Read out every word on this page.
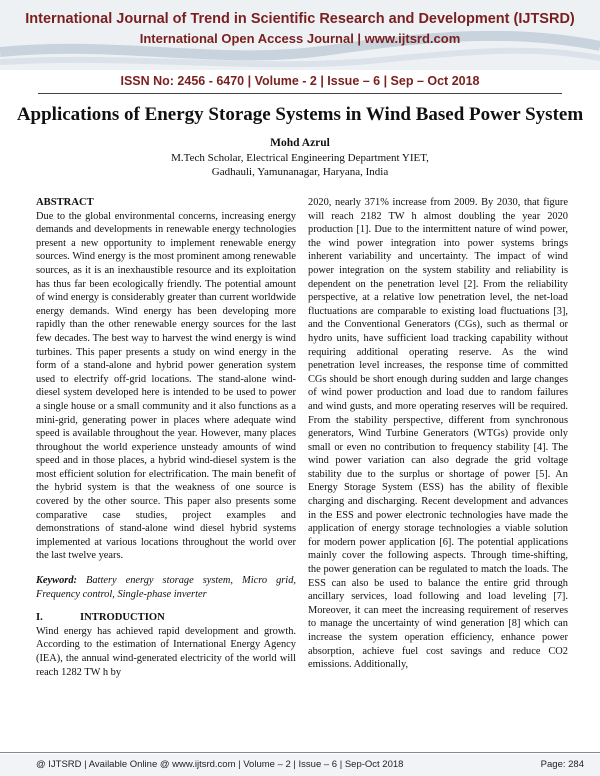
International Journal of Trend in Scientific Research and Development (IJTSRD)
International Open Access Journal | www.ijtsrd.com
ISSN No: 2456 - 6470 | Volume - 2 | Issue – 6 | Sep – Oct 2018
Applications of Energy Storage Systems in Wind Based Power System
Mohd Azrul
M.Tech Scholar, Electrical Engineering Department YIET,
Gadhauli, Yamunanagar, Haryana, India

ABSTRACT

Due to the global environmental concerns, increasing energy demands and developments in renewable energy technologies present a new opportunity to implement renewable energy sources. Wind energy is the most prominent among renewable sources, as it is an inexhaustible resource and its exploitation has thus far been ecologically friendly. The potential amount of wind energy is considerably greater than current worldwide energy demands. Wind energy has been developing more rapidly than the other renewable energy sources for the last few decades. The best way to harvest the wind energy is wind turbines. This paper presents a study on wind energy in the form of a stand-alone and hybrid power generation system used to electrify off-grid locations. The stand-alone wind-diesel system developed here is intended to be used to power a single house or a small community and it also functions as a mini-grid, generating power in places where adequate wind speed is available throughout the year. However, many places throughout the world experience unsteady amounts of wind speed and in those places, a hybrid wind-diesel system is the most efficient solution for electrification. The main benefit of the hybrid system is that the weakness of one source is covered by the other source. This paper also presents some comparative case studies, project examples and demonstrations of stand-alone wind diesel hybrid systems implemented at various locations throughout the world over the last twelve years.

Keyword: Battery energy storage system, Micro grid, Frequency control, Single-phase inverter

I.	INTRODUCTION

Wind energy has achieved rapid development and growth. According to the estimation of International Energy Agency (IEA), the annual wind-generated electricity of the world will reach 1282 TW h by

2020, nearly 371% increase from 2009. By 2030, that figure will reach 2182 TW h almost doubling the year 2020 production [1]. Due to the intermittent nature of wind power, the wind power integration into power systems brings inherent variability and uncertainty. The impact of wind power integration on the system stability and reliability is dependent on the penetration level [2]. From the reliability perspective, at a relative low penetration level, the net-load fluctuations are comparable to existing load fluctuations [3], and the Conventional Generators (CGs), such as thermal or hydro units, have sufficient load tracking capability without requiring additional operating reserve. As the wind penetration level increases, the response time of committed CGs should be short enough during sudden and large changes of wind power production and load due to random failures and wind gusts, and more operating reserves will be required. From the stability perspective, different from synchronous generators, Wind Turbine Generators (WTGs) provide only small or even no contribution to frequency stability [4]. The wind power variation can also degrade the grid voltage stability due to the surplus or shortage of power [5]. An Energy Storage System (ESS) has the ability of flexible charging and discharging. Recent development and advances in the ESS and power electronic technologies have made the application of energy storage technologies a viable solution for modern power application [6]. The potential applications mainly cover the following aspects. Through time-shifting, the power generation can be regulated to match the loads. The ESS can also be used to balance the entire grid through ancillary services, load following and load leveling [7]. Moreover, it can meet the increasing requirement of reserves to manage the uncertainty of wind generation [8] which can increase the system operation efficiency, enhance power absorption, achieve fuel cost savings and reduce CO2 emissions. Additionally,

@ IJTSRD | Available Online @ www.ijtsrd.com | Volume – 2 | Issue – 6 | Sep-Oct 2018	Page: 284
